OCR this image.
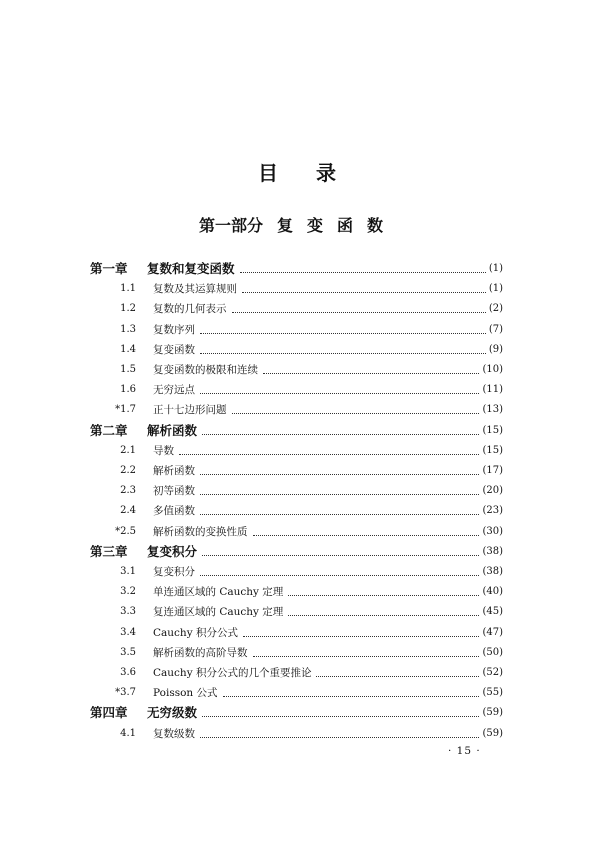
目 录
第一部分 复变函数
第一章 复数和复变函数	(1)
1.1 复数及其运算规则	(1)
1.2 复数的几何表示	(2)
1.3 复数序列	(7)
1.4 复变函数	(9)
1.5 复变函数的极限和连续	(10)
1.6 无穷远点	(11)
*1.7 正十七边形问题	(13)
第二章 解析函数	(15)
2.1 导数	(15)
2.2 解析函数	(17)
2.3 初等函数	(20)
2.4 多值函数	(23)
*2.5 解析函数的变换性质	(30)
第三章 复变积分	(38)
3.1 复变积分	(38)
3.2 单连通区域的 Cauchy 定理	(40)
3.3 复连通区域的 Cauchy 定理	(45)
3.4 Cauchy 积分公式	(47)
3.5 解析函数的高阶导数	(50)
3.6 Cauchy 积分公式的几个重要推论	(52)
*3.7 Poisson 公式	(55)
第四章 无穷级数	(59)
4.1 复数级数	(59)
· 15 ·
